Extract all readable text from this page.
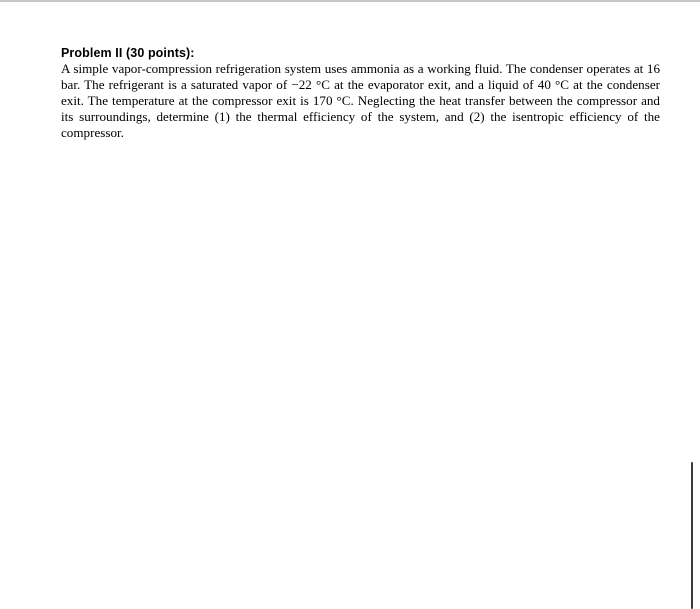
Problem II (30 points):

A simple vapor-compression refrigeration system uses ammonia as a working fluid. The condenser operates at 16 bar. The refrigerant is a saturated vapor of −22 °C at the evaporator exit, and a liquid of 40 °C at the condenser exit. The temperature at the compressor exit is 170 °C. Neglecting the heat transfer between the compressor and its surroundings, determine (1) the thermal efficiency of the system, and (2) the isentropic efficiency of the compressor.
